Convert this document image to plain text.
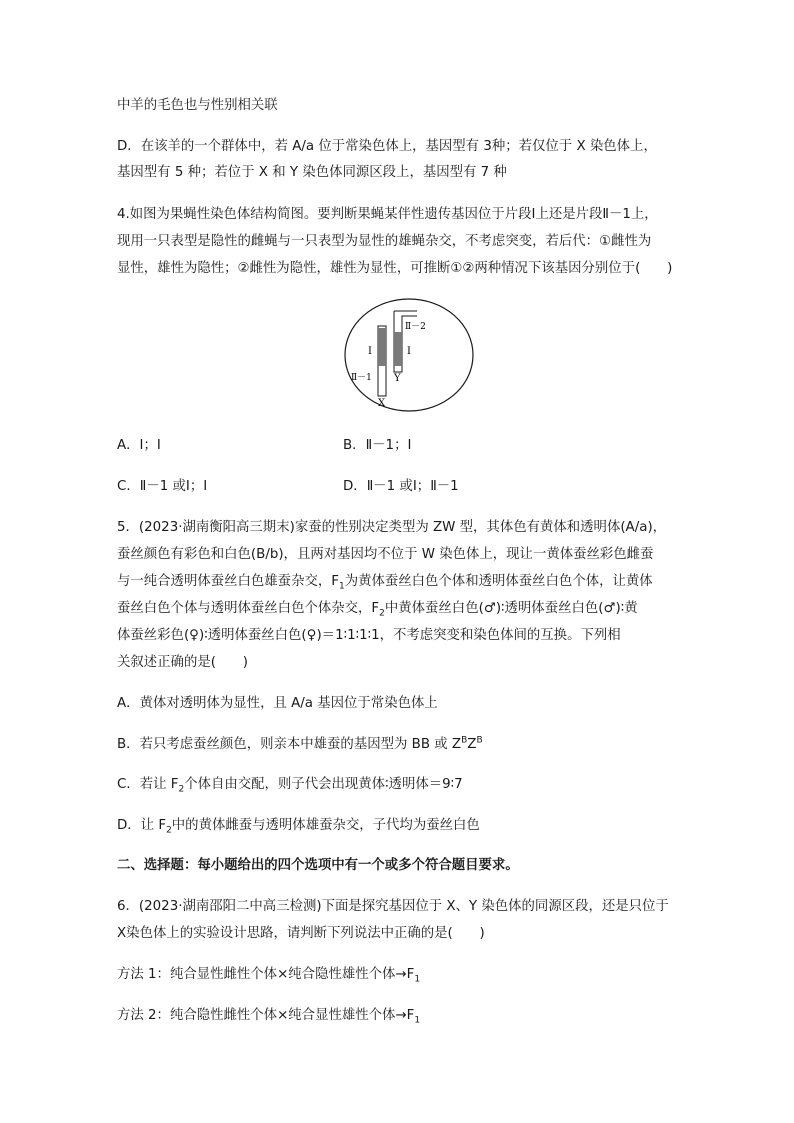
中羊的毛色也与性别相关联
D．在该羊的一个群体中，若 A/a 位于常染色体上，基因型有 3种；若仅位于 X 染色体上，
基因型有 5 种；若位于 X 和 Y 染色体同源区段上，基因型有 7 种
4.如图为果蝇性染色体结构简图。要判断果蝇某伴性遗传基因位于片段Ⅰ上还是片段Ⅱ－1上，
现用一只表型是隐性的雌蝇与一只表型为显性的雄蝇杂交，不考虑突变，若后代：①雌性为
显性，雄性为隐性；②雌性为隐性，雄性为显性，可推断①②两种情况下该基因分别位于(　　)
Ⅰ	Ⅰ
Ⅱ－1
Ⅱ－2
X
Y
A．Ⅰ；Ⅰ	B．Ⅱ－1；Ⅰ
C．Ⅱ－1 或Ⅰ；Ⅰ	D．Ⅱ－1 或Ⅰ；Ⅱ－1
5．(2023·湖南衡阳高三期末)家蚕的性别决定类型为 ZW 型，其体色有黄体和透明体(A/a)，
蚕丝颜色有彩色和白色(B/b)，且两对基因均不位于 W 染色体上，现让一黄体蚕丝彩色雌蚕
与一纯合透明体蚕丝白色雄蚕杂交，$F_1$为黄体蚕丝白色个体和透明体蚕丝白色个体，让黄体
蚕丝白色个体与透明体蚕丝白色个体杂交，$F_2$中黄体蚕丝白色(♂)∶透明体蚕丝白色(♂)∶黄
体蚕丝彩色(♀)∶透明体蚕丝白色(♀)＝1∶1∶1∶1，不考虑突变和染色体间的互换。下列相
关叙述正确的是(　　)
A．黄体对透明体为显性，且 A/a 基因位于常染色体上
B．若只考虑蚕丝颜色，则亲本中雄蚕的基因型为 BB 或 $Z^BZ^B$
C．若让 $F_2$个体自由交配，则子代会出现黄体∶透明体＝9∶7
D．让 $F_2$中的黄体雌蚕与透明体雄蚕杂交，子代均为蚕丝白色
二、选择题：每小题给出的四个选项中有一个或多个符合题目要求。
6．(2023·湖南邵阳二中高三检测)下面是探究基因位于 X、Y 染色体的同源区段，还是只位于
X染色体上的实验设计思路，请判断下列说法中正确的是(　　)
方法 1：纯合显性雌性个体×纯合隐性雄性个体$\to F_1$
方法 2：纯合隐性雌性个体×纯合显性雄性个体$\to F_1$
